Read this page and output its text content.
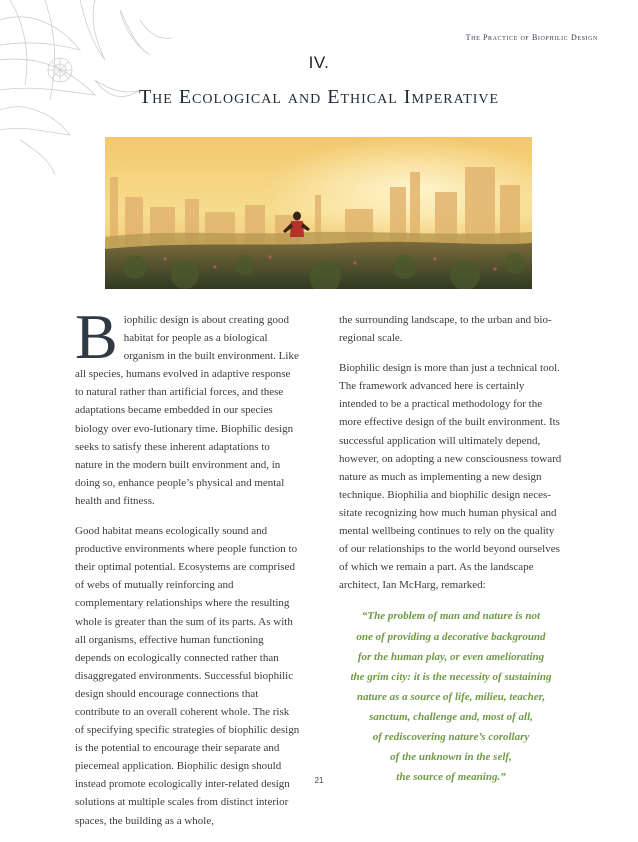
The Practice of Biophilic Design
IV.
The Ecological and Ethical Imperative

Biophilic design is about creating good habitat for people as a biological organism in the built environment. Like all species, humans evolved in adaptive response to natural rather than artificial forces, and these adaptations became embedded in our species biology over evo-lutionary time. Biophilic design seeks to satisfy these inherent adaptations to nature in the modern built environment and, in doing so, enhance people’s physical and mental health and fitness.

Good habitat means ecologically sound and productive environments where people function to their optimal potential. Ecosystems are comprised of webs of mutually reinforcing and complementary relationships where the resulting whole is greater than the sum of its parts. As with all organisms, effective human functioning depends on ecologically connected rather than disaggregated environments. Successful biophilic design should encourage connections that contribute to an overall coherent whole. The risk of specifying specific strategies of biophilic design is the potential to encourage their separate and piecemeal application. Biophilic design should instead promote ecologically inter-related design solutions at multiple scales from distinct interior spaces, the building as a whole,

the surrounding landscape, to the urban and bio-regional scale.

Biophilic design is more than just a technical tool. The framework advanced here is certainly intended to be a practical methodology for the more effective design of the built environment. Its successful application will ultimately depend, however, on adopting a new consciousness toward nature as much as implementing a new design technique. Biophilia and biophilic design neces-sitate recognizing how much human physical and mental wellbeing continues to rely on the quality of our relationships to the world beyond ourselves of which we remain a part. As the landscape architect, Ian McHarg, remarked:

“The problem of man and nature is not
one of providing a decorative background
for the human play, or even ameliorating
the grim city: it is the necessity of sustaining
nature as a source of life, milieu, teacher,
sanctum, challenge and, most of all,
of rediscovering nature’s corollary
of the unknown in the self,
the source of meaning.”
21
